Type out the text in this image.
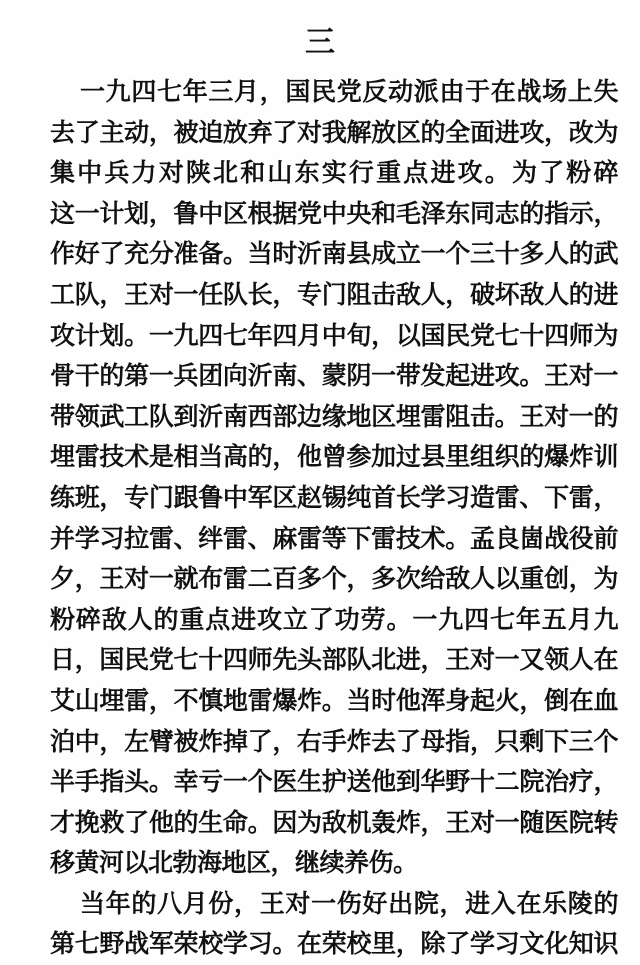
三
一九四七年三月，国民党反动派由于在战场上失
去了主动，被迫放弃了对我解放区的全面进攻，改为
集中兵力对陕北和山东实行重点进攻。为了粉碎
这一计划，鲁中区根据党中央和毛泽东同志的指示，
作好了充分准备。当时沂南县成立一个三十多人的武
工队，王对一任队长，专门阻击敌人，破坏敌人的进
攻计划。一九四七年四月中旬，以国民党七十四师为
骨干的第一兵团向沂南、蒙阴一带发起进攻。王对一
带领武工队到沂南西部边缘地区埋雷阻击。王对一的
埋雷技术是相当高的，他曾参加过县里组织的爆炸训
练班，专门跟鲁中军区赵锡纯首长学习造雷、下雷，
并学习拉雷、绊雷、麻雷等下雷技术。孟良崮战役前
夕，王对一就布雷二百多个，多次给敌人以重创，为
粉碎敌人的重点进攻立了功劳。一九四七年五月九
日，国民党七十四师先头部队北进，王对一又领人在
艾山埋雷，不慎地雷爆炸。当时他浑身起火，倒在血
泊中，左臂被炸掉了，右手炸去了母指，只剩下三个
半手指头。幸亏一个医生护送他到华野十二院治疗，
才挽救了他的生命。因为敌机轰炸，王对一随医院转
移黄河以北勃海地区，继续养伤。
当年的八月份，王对一伤好出院，进入在乐陵的
第七野战军荣校学习。在荣校里，除了学习文化知识
